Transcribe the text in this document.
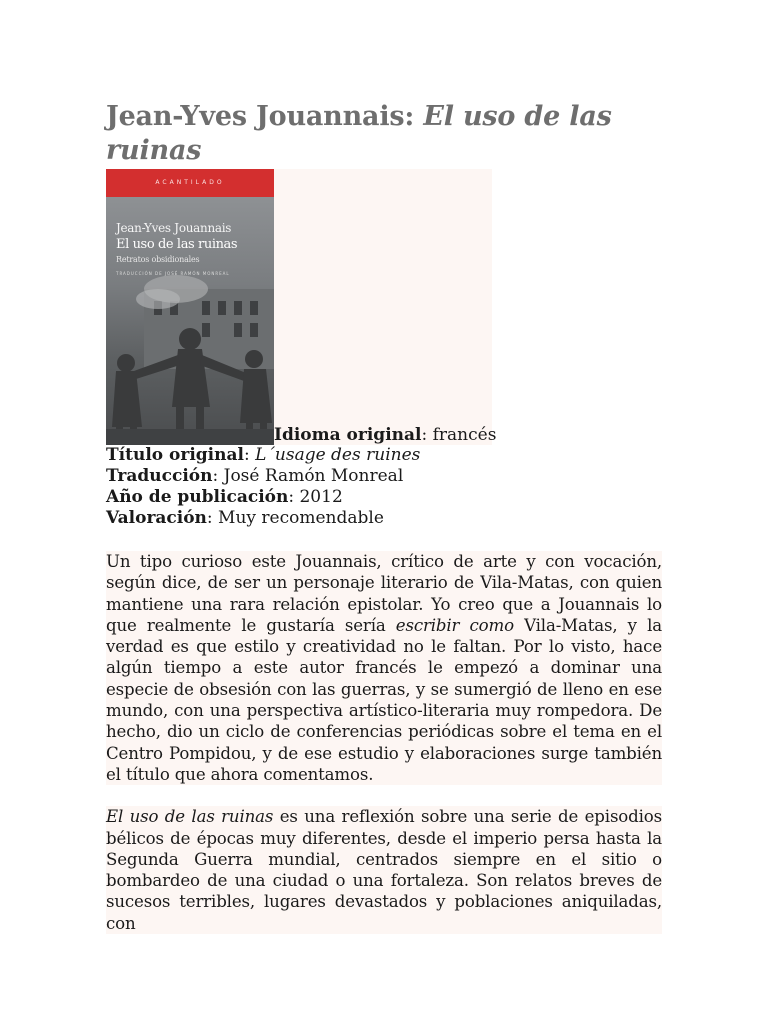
Jean-Yves Jouannais: El uso de las ruinas
ACANTILADO
Jean-Yves Jouannais
El uso de las ruinas
Retratos obsidionales
TRADUCCIÓN DE JOSÉ RAMÓN MONREAL
Idioma original: francés
Título original: L´usage des ruines
Traducción: José Ramón Monreal
Año de publicación: 2012
Valoración: Muy recomendable

Un tipo curioso este Jouannais, crítico de arte y con vocación, según dice, de ser un personaje literario de Vila-Matas, con quien mantiene una rara relación epistolar. Yo creo que a Jouannais lo que realmente le gustaría sería escribir como Vila-Matas, y la verdad es que estilo y creatividad no le faltan. Por lo visto, hace algún tiempo a este autor francés le empezó a dominar una especie de obsesión con las guerras, y se sumergió de lleno en ese mundo, con una perspectiva artístico-literaria muy rompedora. De hecho, dio un ciclo de conferencias periódicas sobre el tema en el Centro Pompidou, y de ese estudio y elaboraciones surge también el título que ahora comentamos.

El uso de las ruinas es una reflexión sobre una serie de episodios bélicos de épocas muy diferentes, desde el imperio persa hasta la Segunda Guerra mundial, centrados siempre en el sitio o bombardeo de una ciudad o una fortaleza. Son relatos breves de sucesos terribles, lugares devastados y poblaciones aniquiladas, con
